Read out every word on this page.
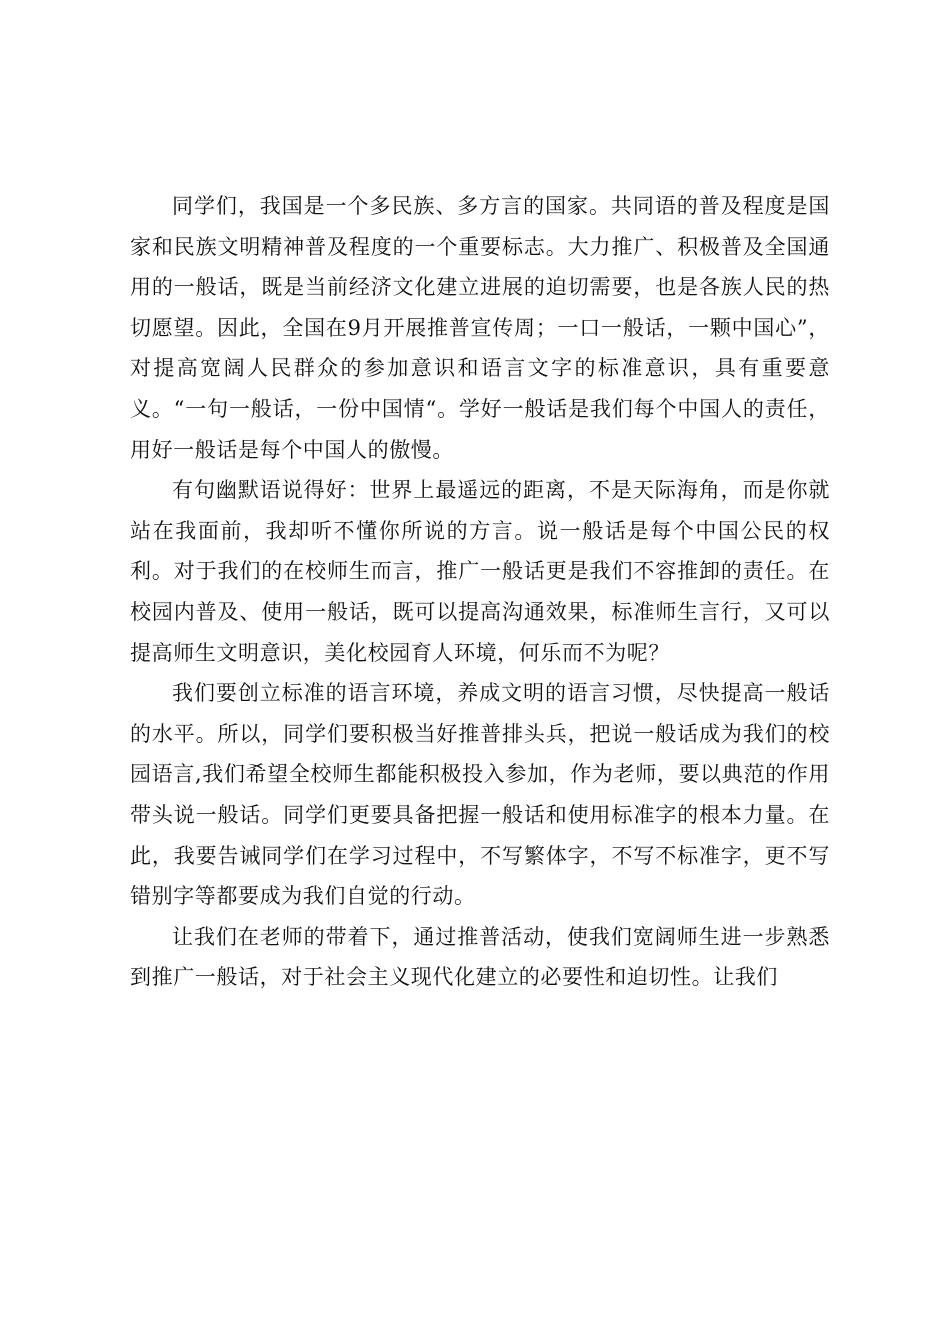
同学们，我国是一个多民族、多方言的国家。共同语的普及程度是国家和民族文明精神普及程度的一个重要标志。大力推广、积极普及全国通用的一般话，既是当前经济文化建立进展的迫切需要，也是各族人民的热切愿望。因此，全国在9月开展推普宣传周；一口一般话，一颗中国心”，对提高宽阔人民群众的参加意识和语言文字的标准意识，具有重要意义。“一句一般话，一份中国情“。学好一般话是我们每个中国人的责任，用好一般话是每个中国人的傲慢。

有句幽默语说得好：世界上最遥远的距离，不是天际海角，而是你就站在我面前，我却听不懂你所说的方言。说一般话是每个中国公民的权利。对于我们的在校师生而言，推广一般话更是我们不容推卸的责任。在校园内普及、使用一般话，既可以提高沟通效果，标准师生言行，又可以提高师生文明意识，美化校园育人环境，何乐而不为呢？

我们要创立标准的语言环境，养成文明的语言习惯，尽快提高一般话的水平。所以，同学们要积极当好推普排头兵，把说一般话成为我们的校园语言,我们希望全校师生都能积极投入参加，作为老师，要以典范的作用带头说一般话。同学们更要具备把握一般话和使用标准字的根本力量。在此，我要告诫同学们在学习过程中，不写繁体字，不写不标准字，更不写错别字等都要成为我们自觉的行动。

让我们在老师的带着下，通过推普活动，使我们宽阔师生进一步熟悉到推广一般话，对于社会主义现代化建立的必要性和迫切性。让我们
